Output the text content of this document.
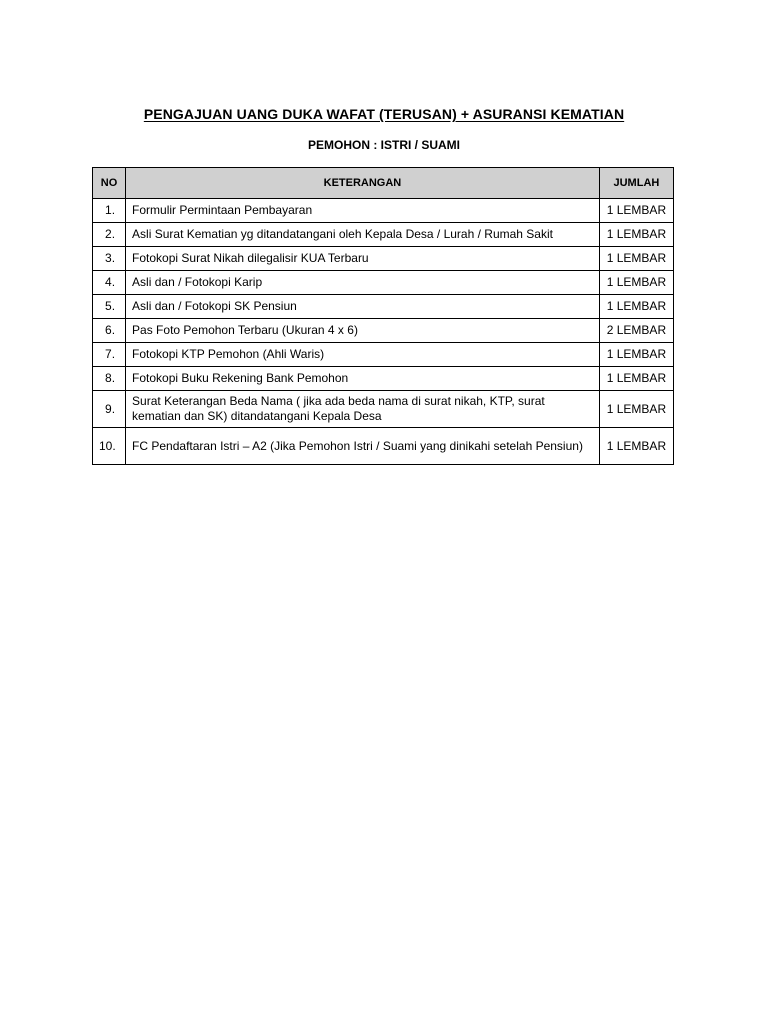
PENGAJUAN UANG DUKA WAFAT (TERUSAN) + ASURANSI KEMATIAN
PEMOHON : ISTRI / SUAMI
NO	KETERANGAN	JUMLAH
1.	Formulir Permintaan Pembayaran	1 LEMBAR
2.	Asli Surat Kematian yg ditandatangani oleh Kepala Desa / Lurah / Rumah Sakit	1 LEMBAR
3.	Fotokopi Surat Nikah dilegalisir KUA Terbaru	1 LEMBAR
4.	Asli dan / Fotokopi Karip	1 LEMBAR
5.	Asli dan / Fotokopi SK Pensiun	1 LEMBAR
6.	Pas Foto Pemohon Terbaru (Ukuran 4 x 6)	2 LEMBAR
7.	Fotokopi KTP Pemohon (Ahli Waris)	1 LEMBAR
8.	Fotokopi Buku Rekening Bank Pemohon	1 LEMBAR
9.	Surat Keterangan Beda Nama ( jika ada beda nama di surat nikah, KTP, surat kematian dan SK) ditandatangani Kepala Desa	1 LEMBAR
10.	FC Pendaftaran Istri – A2 (Jika Pemohon Istri / Suami yang dinikahi setelah Pensiun)	1 LEMBAR
